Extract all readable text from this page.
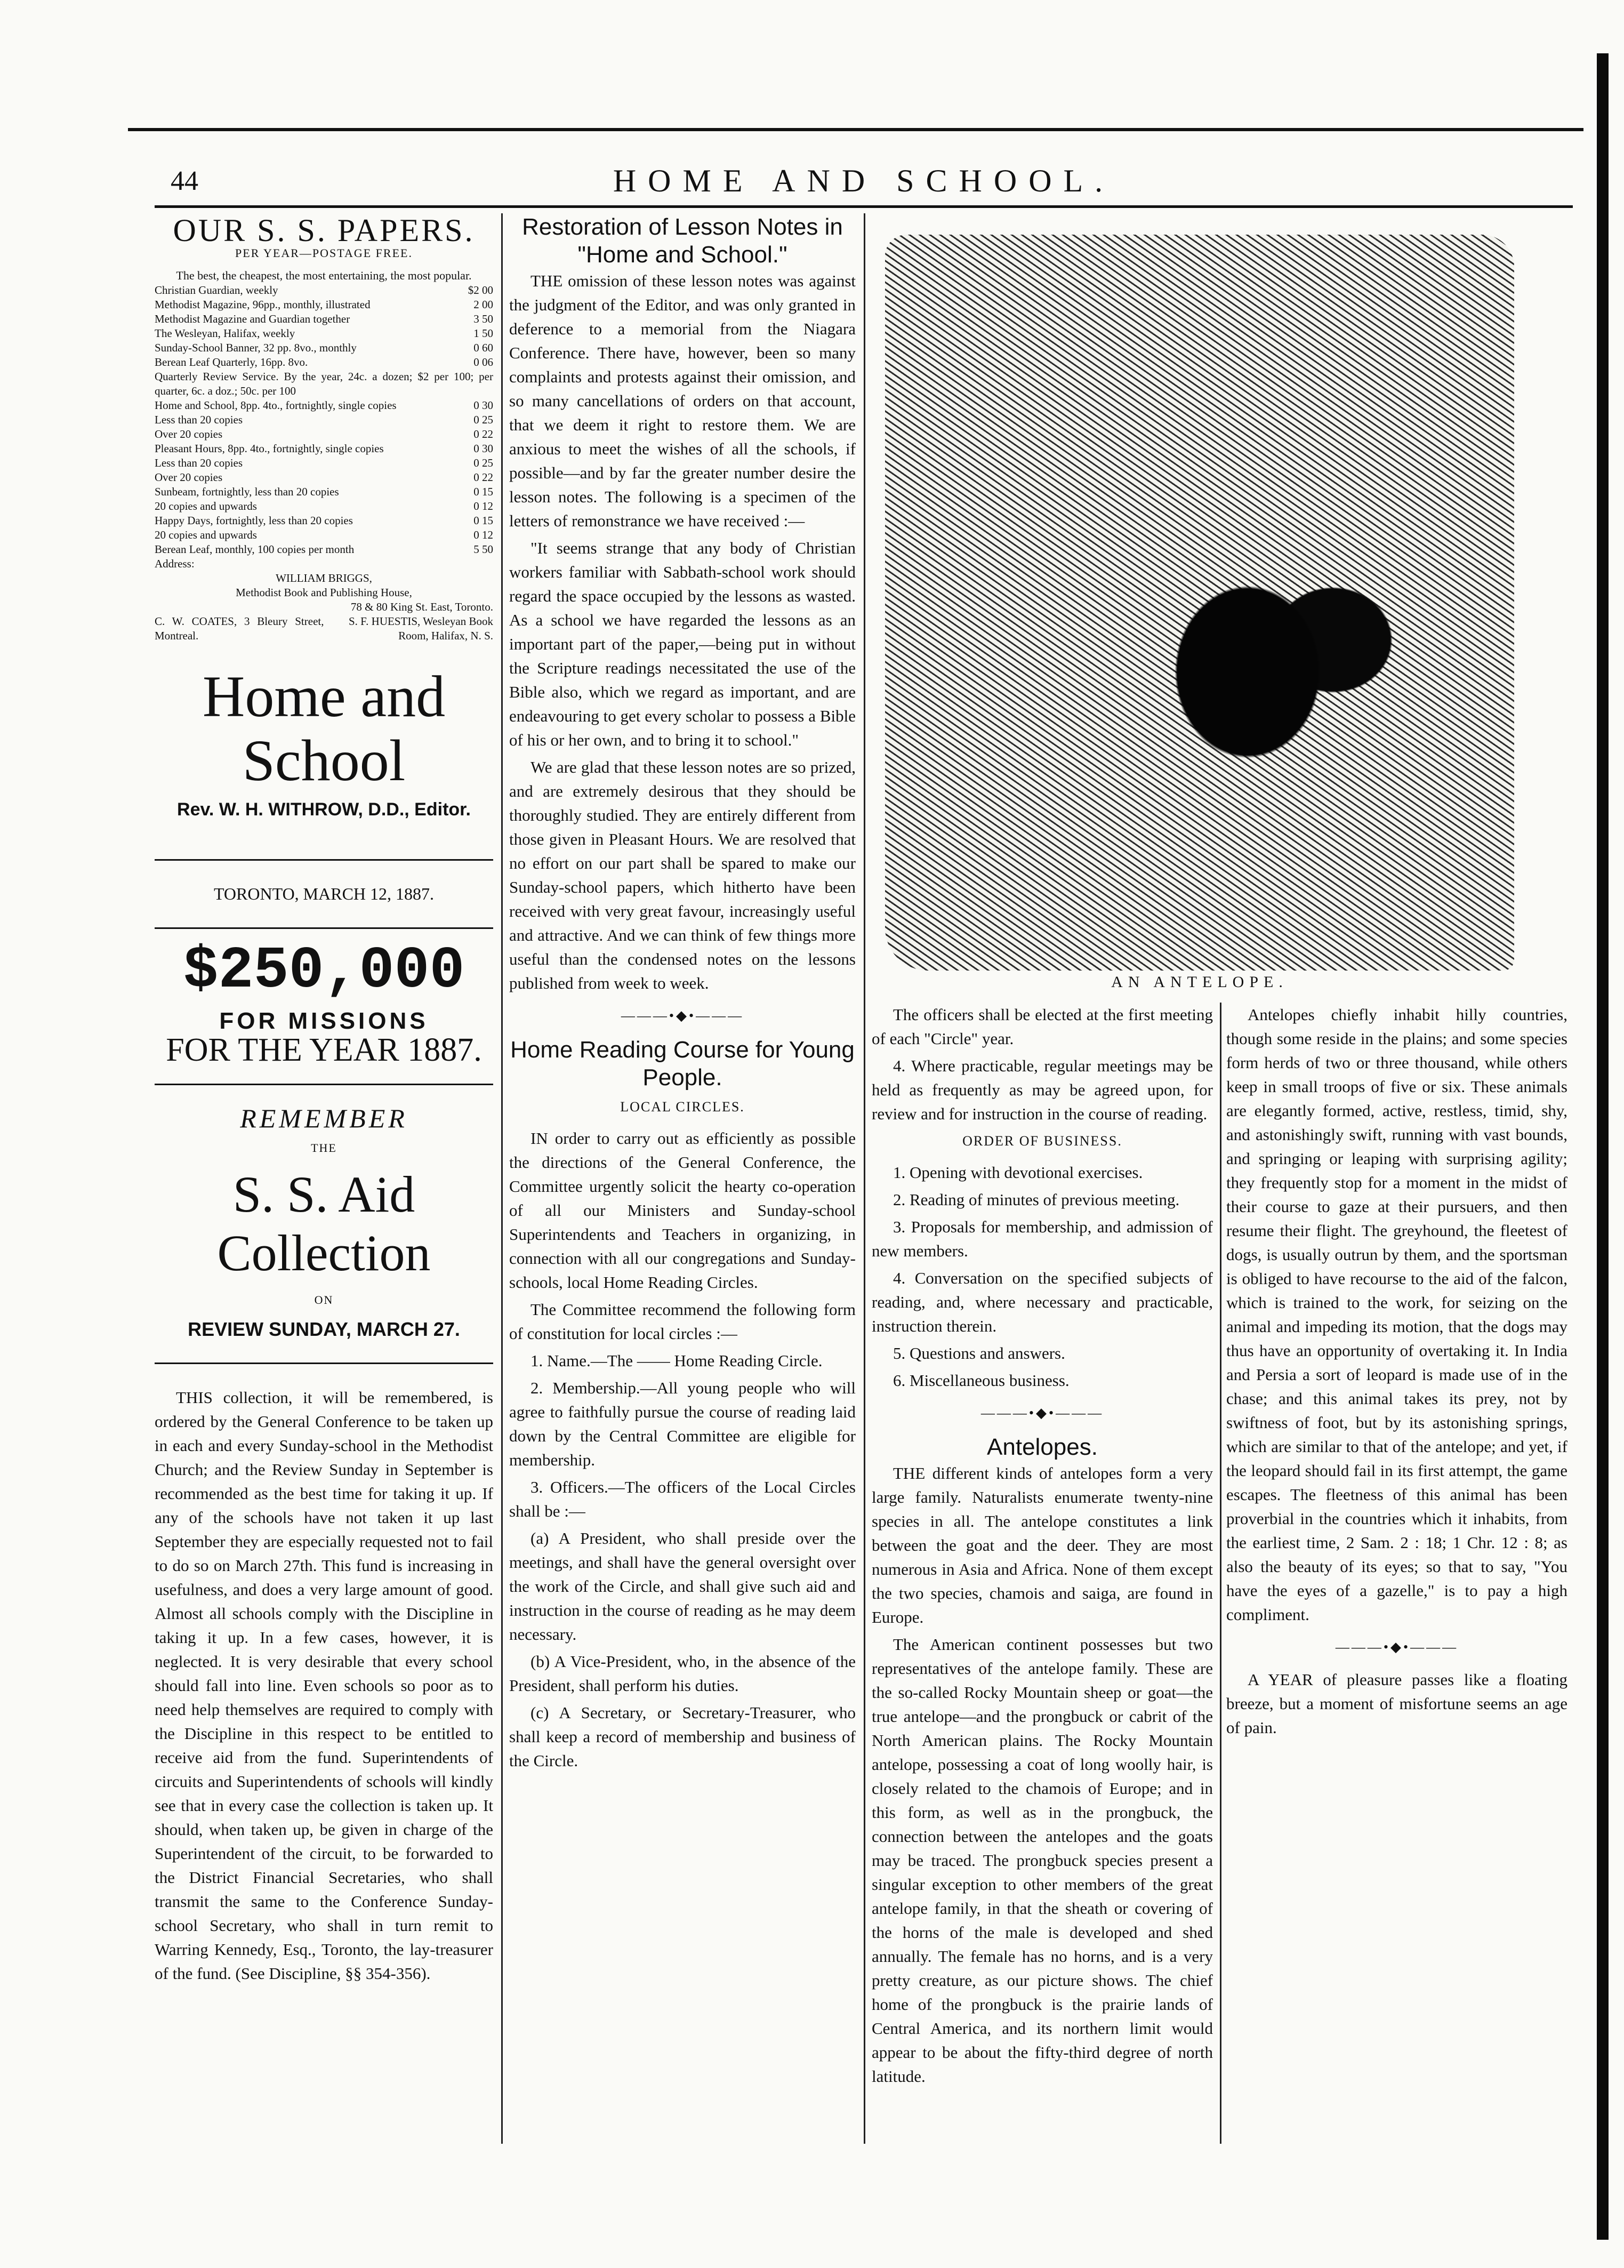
HOME AND SCHOOL.
44
OUR S. S. PAPERS.
PER YEAR—POSTAGE FREE.
The best, the cheapest, the most entertaining, the most popular.
Christian Guardian, weekly	$2 00
Methodist Magazine, 96pp., monthly, illustrated	2 00
Methodist Magazine and Guardian together	3 50
The Wesleyan, Halifax, weekly	1 50
Sunday-School Banner, 32 pp. 8vo., monthly	0 60
Berean Leaf Quarterly, 16pp. 8vo.	0 06
Quarterly Review Service. By the year, 24c. a dozen; $2 per 100; per quarter, 6c. a doz.; 50c. per 100
Home and School, 8pp. 4to., fortnightly, single copies	0 30
Less than 20 copies	0 25
Over 20 copies	0 22
Pleasant Hours, 8pp. 4to., fortnightly, single copies	0 30
Less than 20 copies	0 25
Over 20 copies	0 22
Sunbeam, fortnightly, less than 20 copies	0 15
20 copies and upwards	0 12
Happy Days, fortnightly, less than 20 copies	0 15
20 copies and upwards	0 12
Berean Leaf, monthly, 100 copies per month	5 50
Address:
WILLIAM BRIGGS,
Methodist Book and Publishing House,
78 & 80 King St. East, Toronto.
C. W. COATES, 3 Bleury Street, Montreal.
S. F. HUESTIS, Wesleyan Book Room, Halifax, N. S.
Home and School
Rev. W. H. WITHROW, D.D., Editor.
TORONTO, MARCH 12, 1887.
$250,000
FOR MISSIONS
FOR THE YEAR 1887.
REMEMBER
THE
S. S. Aid Collection
ON
REVIEW SUNDAY, MARCH 27.

THIS collection, it will be remembered, is ordered by the General Conference to be taken up in each and every Sunday-school in the Methodist Church; and the Review Sunday in September is recommended as the best time for taking it up. If any of the schools have not taken it up last September they are especially requested not to fail to do so on March 27th. This fund is increasing in usefulness, and does a very large amount of good. Almost all schools comply with the Discipline in taking it up. In a few cases, however, it is neglected. It is very desirable that every school should fall into line. Even schools so poor as to need help themselves are required to comply with the Discipline in this respect to be entitled to receive aid from the fund. Superintendents of circuits and Superintendents of schools will kindly see that in every case the collection is taken up. It should, when taken up, be given in charge of the Superintendent of the circuit, to be forwarded to the District Financial Secretaries, who shall transmit the same to the Conference Sunday-school Secretary, who shall in turn remit to Warring Kennedy, Esq., Toronto, the lay-treasurer of the fund. (See Discipline, §§ 354-356).

Restoration of Lesson Notes in "Home and School."

THE omission of these lesson notes was against the judgment of the Editor, and was only granted in deference to a memorial from the Niagara Conference. There have, however, been so many complaints and protests against their omission, and so many cancellations of orders on that account, that we deem it right to restore them. We are anxious to meet the wishes of all the schools, if possible—and by far the greater number desire the lesson notes. The following is a specimen of the letters of remonstrance we have received :—

"It seems strange that any body of Christian workers familiar with Sabbath-school work should regard the space occupied by the lessons as wasted. As a school we have regarded the lessons as an important part of the paper,—being put in without the Scripture readings necessitated the use of the Bible also, which we regard as important, and are endeavouring to get every scholar to possess a Bible of his or her own, and to bring it to school."

We are glad that these lesson notes are so prized, and are extremely desirous that they should be thoroughly studied. They are entirely different from those given in Pleasant Hours. We are resolved that no effort on our part shall be spared to make our Sunday-school papers, which hitherto have been received with very great favour, increasingly useful and attractive. And we can think of few things more useful than the condensed notes on the lessons published from week to week.

———•◆•———
Home Reading Course for Young People.
LOCAL CIRCLES.

IN order to carry out as efficiently as possible the directions of the General Conference, the Committee urgently solicit the hearty co-operation of all our Ministers and Sunday-school Superintendents and Teachers in organizing, in connection with all our congregations and Sunday-schools, local Home Reading Circles.

The Committee recommend the following form of constitution for local circles :—

1. Name.—The —— Home Reading Circle.

2. Membership.—All young people who will agree to faithfully pursue the course of reading laid down by the Central Committee are eligible for membership.

3. Officers.—The officers of the Local Circles shall be :—

(a) A President, who shall preside over the meetings, and shall have the general oversight over the work of the Circle, and shall give such aid and instruction in the course of reading as he may deem necessary.

(b) A Vice-President, who, in the absence of the President, shall perform his duties.

(c) A Secretary, or Secretary-Treasurer, who shall keep a record of membership and business of the Circle.

AN ANTELOPE.

The officers shall be elected at the first meeting of each "Circle" year.

4. Where practicable, regular meetings may be held as frequently as may be agreed upon, for review and for instruction in the course of reading.

ORDER OF BUSINESS.

1. Opening with devotional exercises.

2. Reading of minutes of previous meeting.

3. Proposals for membership, and admission of new members.

4. Conversation on the specified subjects of reading, and, where necessary and practicable, instruction therein.

5. Questions and answers.

6. Miscellaneous business.

———•◆•———
Antelopes.

THE different kinds of antelopes form a very large family. Naturalists enumerate twenty-nine species in all. The antelope constitutes a link between the goat and the deer. They are most numerous in Asia and Africa. None of them except the two species, chamois and saiga, are found in Europe.

The American continent possesses but two representatives of the antelope family. These are the so-called Rocky Mountain sheep or goat—the true antelope—and the prongbuck or cabrit of the North American plains. The Rocky Mountain antelope, possessing a coat of long woolly hair, is closely related to the chamois of Europe; and in this form, as well as in the prongbuck, the connection between the antelopes and the goats may be traced. The prongbuck species present a singular exception to other members of the great antelope family, in that the sheath or covering of the horns of the male is developed and shed annually. The female has no horns, and is a very pretty creature, as our picture shows. The chief home of the prongbuck is the prairie lands of Central America, and its northern limit would appear to be about the fifty-third degree of north latitude.

Antelopes chiefly inhabit hilly countries, though some reside in the plains; and some species form herds of two or three thousand, while others keep in small troops of five or six. These animals are elegantly formed, active, restless, timid, shy, and astonishingly swift, running with vast bounds, and springing or leaping with surprising agility; they frequently stop for a moment in the midst of their course to gaze at their pursuers, and then resume their flight. The greyhound, the fleetest of dogs, is usually outrun by them, and the sportsman is obliged to have recourse to the aid of the falcon, which is trained to the work, for seizing on the animal and impeding its motion, that the dogs may thus have an opportunity of overtaking it. In India and Persia a sort of leopard is made use of in the chase; and this animal takes its prey, not by swiftness of foot, but by its astonishing springs, which are similar to that of the antelope; and yet, if the leopard should fail in its first attempt, the game escapes. The fleetness of this animal has been proverbial in the countries which it inhabits, from the earliest time, 2 Sam. 2 : 18; 1 Chr. 12 : 8; as also the beauty of its eyes; so that to say, "You have the eyes of a gazelle," is to pay a high compliment.

———•◆•———

A YEAR of pleasure passes like a floating breeze, but a moment of misfortune seems an age of pain.
